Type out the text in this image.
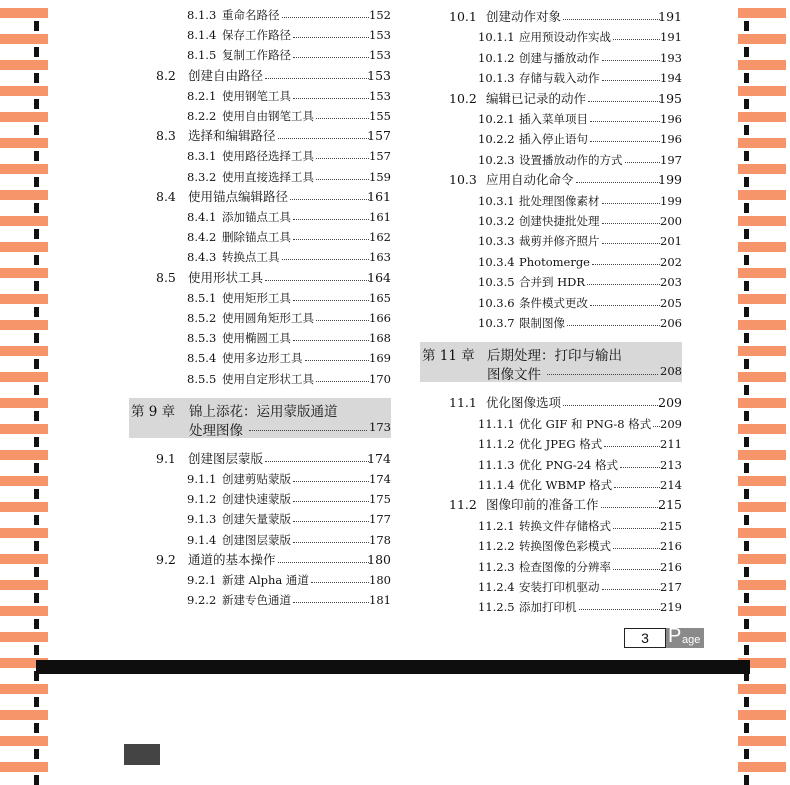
8.1.3 重命名路径	152
8.1.4 保存工作路径	153
8.1.5 复制工作路径	153
8.2 创建自由路径	153
8.2.1 使用钢笔工具	153
8.2.2 使用自由钢笔工具	155
8.3 选择和编辑路径	157
8.3.1 使用路径选择工具	157
8.3.2 使用直接选择工具	159
8.4 使用锚点编辑路径	161
8.4.1 添加锚点工具	161
8.4.2 删除锚点工具	162
8.4.3 转换点工具	163
8.5 使用形状工具	164
8.5.1 使用矩形工具	165
8.5.2 使用圆角矩形工具	166
8.5.3 使用椭圆工具	168
8.5.4 使用多边形工具	169
8.5.5 使用自定形状工具	170
第 9 章 锦上添花：运用蒙版通道
处理图像	173
9.1 创建图层蒙版	174
9.1.1 创建剪贴蒙版	174
9.1.2 创建快速蒙版	175
9.1.3 创建矢量蒙版	177
9.1.4 创建图层蒙版	178
9.2 通道的基本操作	180
9.2.1 新建 Alpha 通道	180
9.2.2 新建专色通道	181
10.1 创建动作对象	191
10.1.1 应用预设动作实战	191
10.1.2 创建与播放动作	193
10.1.3 存储与载入动作	194
10.2 编辑已记录的动作	195
10.2.1 插入菜单项目	196
10.2.2 插入停止语句	196
10.2.3 设置播放动作的方式	197
10.3 应用自动化命令	199
10.3.1 批处理图像素材	199
10.3.2 创建快捷批处理	200
10.3.3 裁剪并修齐照片	201
10.3.4 Photomerge	202
10.3.5 合并到 HDR	203
10.3.6 条件模式更改	205
10.3.7 限制图像	206
第 11 章 后期处理：打印与输出
图像文件	208
11.1 优化图像选项	209
11.1.1 优化 GIF 和 PNG-8 格式 209
11.1.2 优化 JPEG 格式	211
11.1.3 优化 PNG-24 格式	213
11.1.4 优化 WBMP 格式	214
11.2 图像印前的准备工作	215
11.2.1 转换文件存储格式	215
11.2.2 转换图像色彩模式	216
11.2.3 检查图像的分辨率	216
11.2.4 安装打印机驱动	217
11.2.5 添加打印机	219
3 P age
